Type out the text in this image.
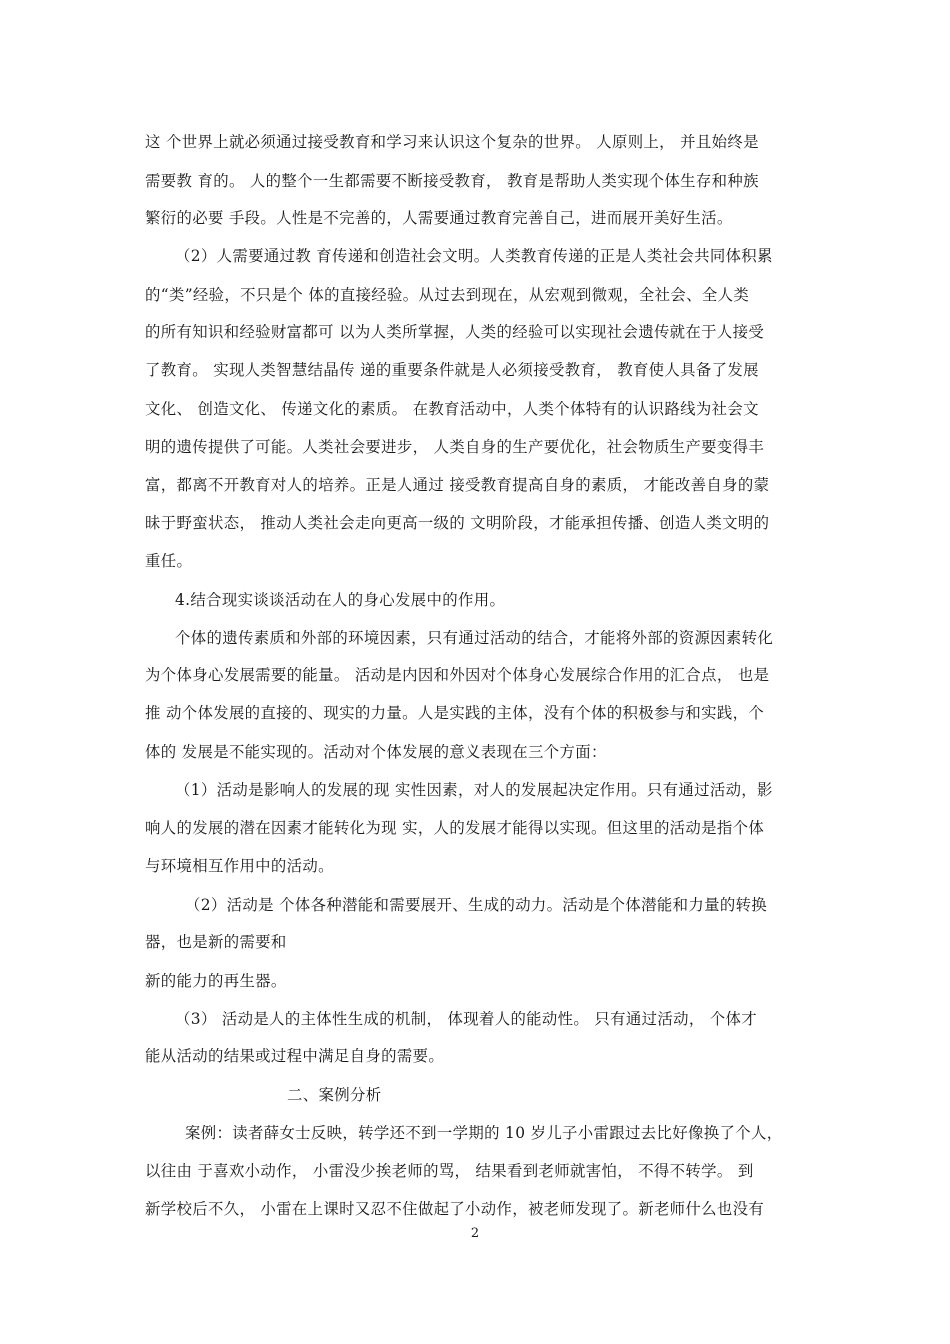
这 个世界上就必须通过接受教育和学习来认识这个复杂的世界。 人原则上， 并且始终是
需要教 育的。 人的整个一生都需要不断接受教育， 教育是帮助人类实现个体生存和种族
繁衍的必要 手段。人性是不完善的，人需要通过教育完善自己，进而展开美好生活。
（2）人需要通过教 育传递和创造社会文明。人类教育传递的正是人类社会共同体积累
的“类”经验，不只是个 体的直接经验。从过去到现在，从宏观到微观，全社会、全人类
的所有知识和经验财富都可 以为人类所掌握，人类的经验可以实现社会遗传就在于人接受
了教育。 实现人类智慧结晶传 递的重要条件就是人必须接受教育， 教育使人具备了发展
文化、 创造文化、 传递文化的素质。 在教育活动中，人类个体特有的认识路线为社会文
明的遗传提供了可能。人类社会要进步， 人类自身的生产要优化，社会物质生产要变得丰
富，都离不开教育对人的培养。正是人通过 接受教育提高自身的素质， 才能改善自身的蒙
昧于野蛮状态， 推动人类社会走向更高一级的 文明阶段，才能承担传播、创造人类文明的
重任。
4.结合现实谈谈活动在人的身心发展中的作用。
个体的遗传素质和外部的环境因素，只有通过活动的结合，才能将外部的资源因素转化
为个体身心发展需要的能量。 活动是内因和外因对个体身心发展综合作用的汇合点， 也是
推 动个体发展的直接的、现实的力量。人是实践的主体，没有个体的积极参与和实践，个
体的 发展是不能实现的。活动对个体发展的意义表现在三个方面：
（1）活动是影响人的发展的现 实性因素，对人的发展起决定作用。只有通过活动，影
响人的发展的潜在因素才能转化为现 实，人的发展才能得以实现。但这里的活动是指个体
与环境相互作用中的活动。
（2）活动是 个体各种潜能和需要展开、生成的动力。活动是个体潜能和力量的转换
器，也是新的需要和
新的能力的再生器。
（3） 活动是人的主体性生成的机制， 体现着人的能动性。 只有通过活动， 个体才
能从活动的结果或过程中满足自身的需要。
二、案例分析
案例：读者薛女士反映，转学还不到一学期的 10 岁儿子小雷跟过去比好像换了个人，
以往由 于喜欢小动作， 小雷没少挨老师的骂， 结果看到老师就害怕， 不得不转学。 到
新学校后不久， 小雷在上课时又忍不住做起了小动作，被老师发现了。新老师什么也没有
2
